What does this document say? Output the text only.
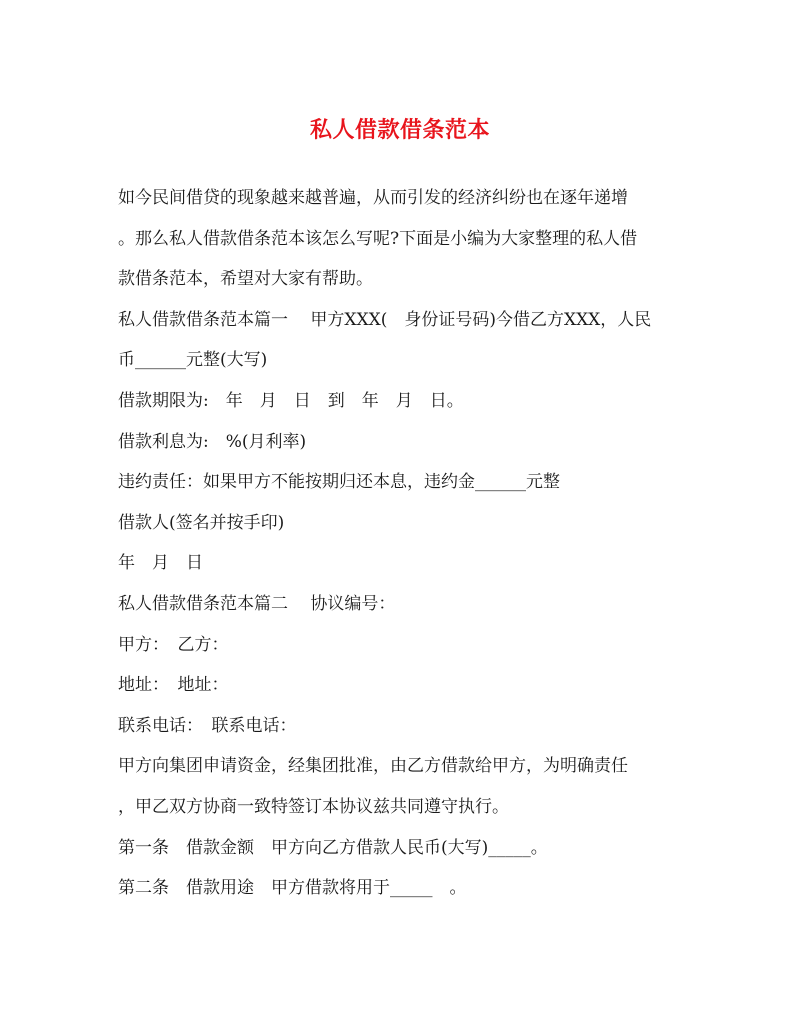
私人借款借条范本
如今民间借贷的现象越来越普遍，从而引发的经济纠纷也在逐年递增
。那么私人借款借条范本该怎么写呢?下面是小编为大家整理的私人借
款借条范本，希望对大家有帮助。
私人借款借条范本篇一　 甲方XXX(　身份证号码)今借乙方XXX，人民
币______元整(大写)
借款期限为:　年　月　日　到　年　月　日。
借款利息为:　%(月利率)
违约责任：如果甲方不能按期归还本息，违约金______元整
借款人(签名并按手印)
年　月　日
私人借款借条范本篇二　 协议编号：
甲方：　乙方：
地址：　地址：
联系电话：　联系电话：
甲方向集团申请资金，经集团批准，由乙方借款给甲方，为明确责任
，甲乙双方协商一致特签订本协议兹共同遵守执行。
第一条　借款金额　甲方向乙方借款人民币(大写)_____。
第二条　借款用途　甲方借款将用于_____　。
